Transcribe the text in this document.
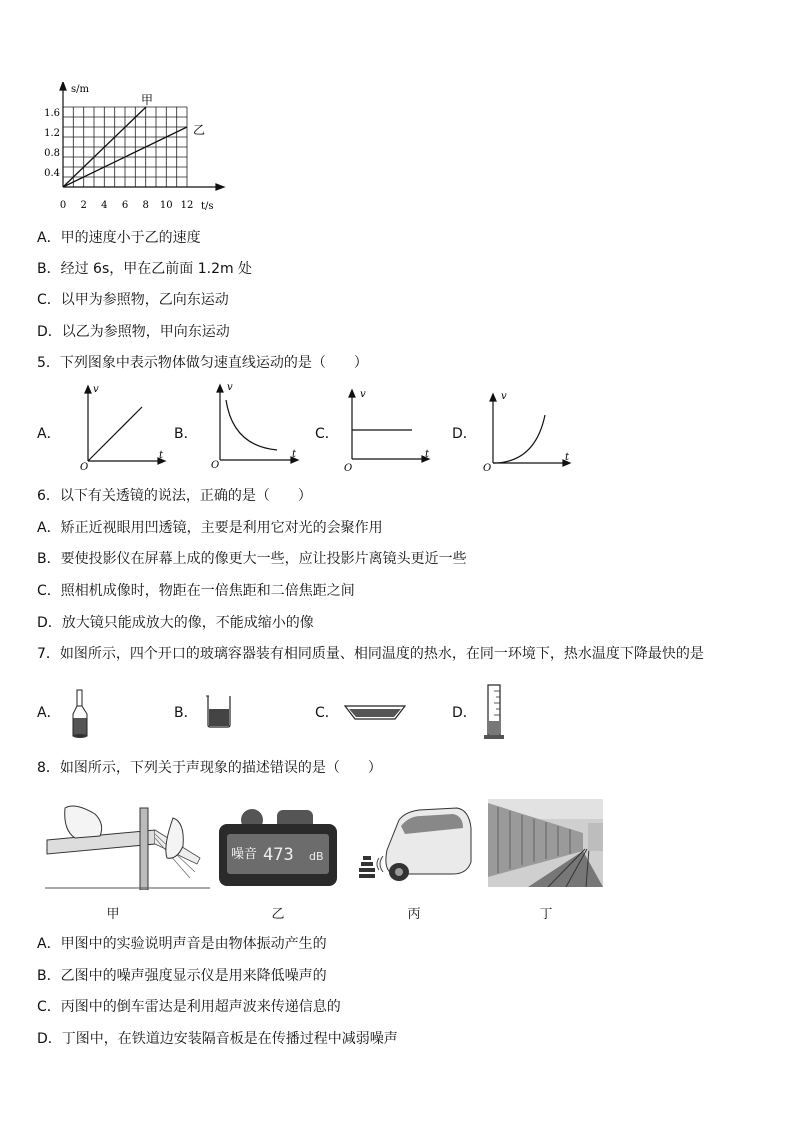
s/m
甲
乙
1.6
1.2
0.8
0.4
0 2 4 6 8 10 12 t/s
A．甲的速度小于乙的速度
B．经过 6s，甲在乙前面 1.2m 处
C．以甲为参照物，乙向东运动
D．以乙为参照物，甲向东运动
5．下列图象中表示物体做匀速直线运动的是（　　）
A．
v
t
O
B．
v
t
O
C．
v
t
O
D．
v
t
O
6．以下有关透镜的说法，正确的是（　　）
A．矫正近视眼用凹透镜，主要是利用它对光的会聚作用
B．要使投影仪在屏幕上成的像更大一些，应让投影片离镜头更近一些
C．照相机成像时，物距在一倍焦距和二倍焦距之间
D．放大镜只能成放大的像，不能成缩小的像
7．如图所示，四个开口的玻璃容器装有相同质量、相同温度的热水，在同一环境下，热水温度下降最快的是
A．	B．	C．	D．
8．如图所示，下列关于声现象的描述错误的是（　　）
甲
噪音 473 dB
乙	丙	丁
A．甲图中的实验说明声音是由物体振动产生的
B．乙图中的噪声强度显示仪是用来降低噪声的
C．丙图中的倒车雷达是利用超声波来传递信息的
D．丁图中，在铁道边安装隔音板是在传播过程中减弱噪声
